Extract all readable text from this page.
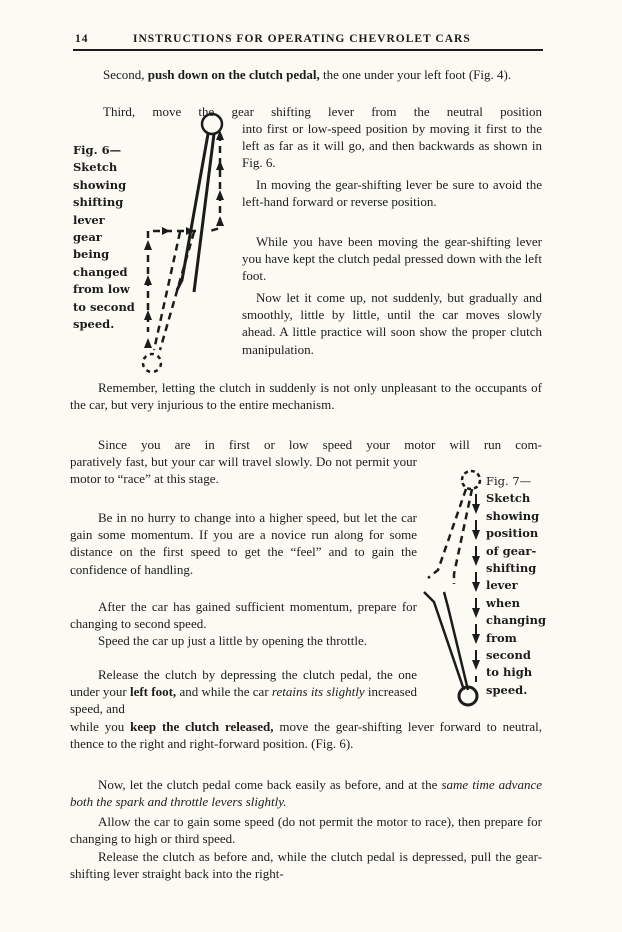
14	INSTRUCTIONS FOR OPERATING CHEVROLET CARS
Second, push down on the clutch pedal, the one under your left foot (Fig. 4).
Third, move the gear shifting lever from the neutral position
into first or low-speed position by moving it first to the left as far as it will go, and then backwards as shown in Fig. 6.
In moving the gear-shifting lever be sure to avoid the left-hand forward or reverse position.
While you have been moving the gear-shifting lever you have kept the clutch pedal pressed down with the left foot.
Now let it come up, not suddenly, but gradually and smoothly, little by little, until the car moves slowly ahead. A little practice will soon show the proper clutch manipulation.
Fig. 6—
Sketch
showing
shifting
lever
gear
being
changed
from low
to second
speed.
Remember, letting the clutch in suddenly is not only unpleasant to the occupants of the car, but very injurious to the entire mechanism.
Since you are in first or low speed your motor will run com-
paratively fast, but your car will travel slowly. Do not permit your motor to “race” at this stage.
Be in no hurry to change into a higher speed, but let the car gain some momentum. If you are a novice run along for some distance on the first speed to get the “feel” and to gain the confidence of handling.
After the car has gained sufficient momentum, prepare for changing to second speed.
Speed the car up just a little by opening the throttle.
Release the clutch by depressing the clutch pedal, the one under your left foot, and while the car retains its slightly increased speed, and
while you keep the clutch released, move the gear-shifting lever forward to neutral, thence to the right and right-forward position. (Fig. 6).
Fig. 7—
Sketch
showing
position
of gear-
shifting
lever
when
changing
from
second
to high
speed.
Now, let the clutch pedal come back easily as before, and at the same time advance both the spark and throttle levers slightly.
Allow the car to gain some speed (do not permit the motor to race), then prepare for changing to high or third speed.
Release the clutch as before and, while the clutch pedal is depressed, pull the gear-shifting lever straight back into the right-
